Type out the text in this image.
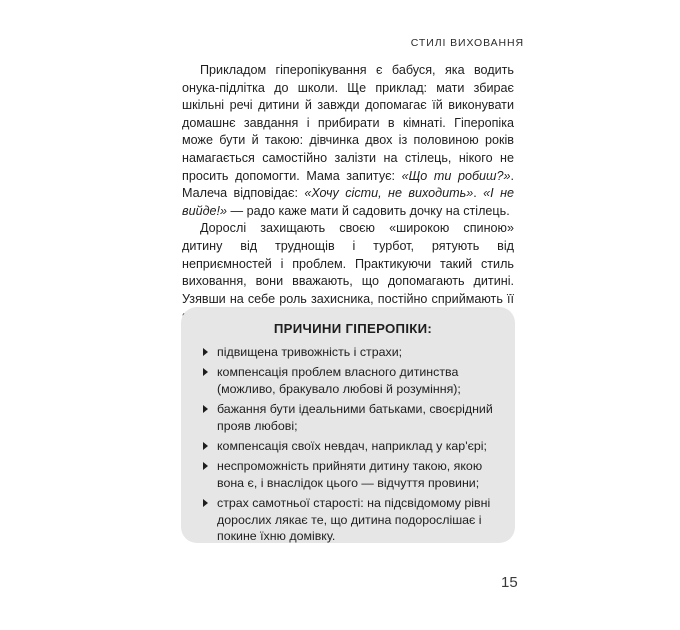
СТИЛІ ВИХОВАННЯ

Прикладом гіперопікування є бабуся, яка водить онука-підлітка до школи. Ще приклад: мати збирає шкільні речі дитини й завжди допомагає їй виконувати домашнє завдання і прибирати в кімнаті. Гіперопіка може бути й такою: дівчинка двох із половиною років намагається самостійно залізти на стілець, нікого не просить допомогти. Мама запитує: «Що ти робиш?». Малеча відповідає: «Хочу сісти, не виходить». «І не вийде!» — радо каже мати й садовить дочку на стілець.

Дорослі захищають своєю «широкою спиною» дитину від труднощів і турбот, рятують від неприємностей і проблем. Практикуючи такий стиль виховання, вони вважають, що допомагають дитині. Узявши на себе роль захисника, постійно сприймають її

ПРИЧИНИ ГІПЕРОПІКИ:
підвищена тривожність і страхи;
компенсація проблем власного дитинства (можливо, бракувало любові й розуміння);
бажання бути ідеальними батьками, своєрідний прояв любові;
компенсація своїх невдач, наприклад у кар'єрі;
неспроможність прийняти дитину такою, якою вона є, і внаслідок цього — відчуття провини;
страх самотньої старості: на підсвідомому рівні дорослих лякає те, що дитина подорослішає і покине їхню домівку.
15
